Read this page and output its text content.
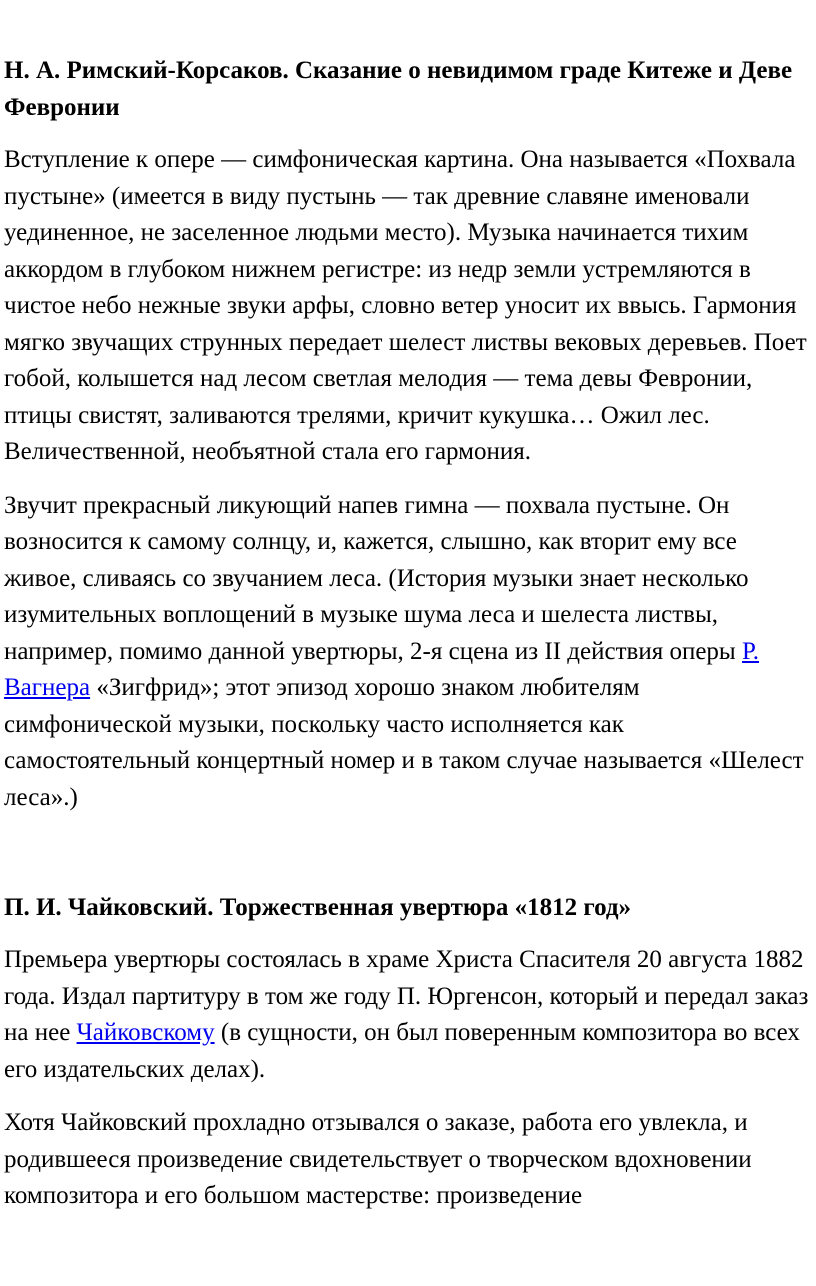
Н. А. Римский-Корсаков. Сказание о невидимом граде Китеже и Деве Февронии

Вступление к опере — симфоническая картина. Она называется «Похвала пустыне» (имеется в виду пустынь — так древние славяне именовали уединенное, не заселенное людьми место). Музыка начинается тихим аккордом в глубоком нижнем регистре: из недр земли устремляются в чистое небо нежные звуки арфы, словно ветер уносит их ввысь. Гармония мягко звучащих струнных передает шелест листвы вековых деревьев. Поет гобой, колышется над лесом светлая мелодия — тема девы Февронии, птицы свистят, заливаются трелями, кричит кукушка… Ожил лес. Величественной, необъятной стала его гармония.

Звучит прекрасный ликующий напев гимна — похвала пустыне. Он возносится к самому солнцу, и, кажется, слышно, как вторит ему все живое, сливаясь со звучанием леса. (История музыки знает несколько изумительных воплощений в музыке шума леса и шелеста листвы, например, помимо данной увертюры, 2-я сцена из II действия оперы Р. Вагнера «Зигфрид»; этот эпизод хорошо знаком любителям симфонической музыки, поскольку часто исполняется как самостоятельный концертный номер и в таком случае называется «Шелест леса».)

П. И. Чайковский. Торжественная увертюра «1812 год»

Премьера увертюры состоялась в храме Христа Спасителя 20 августа 1882 года. Издал партитуру в том же году П. Юргенсон, который и передал заказ на нее Чайковскому (в сущности, он был поверенным композитора во всех его издательских делах).

Хотя Чайковский прохладно отзывался о заказе, работа его увлекла, и родившееся произведение свидетельствует о творческом вдохновении композитора и его большом мастерстве: произведение
